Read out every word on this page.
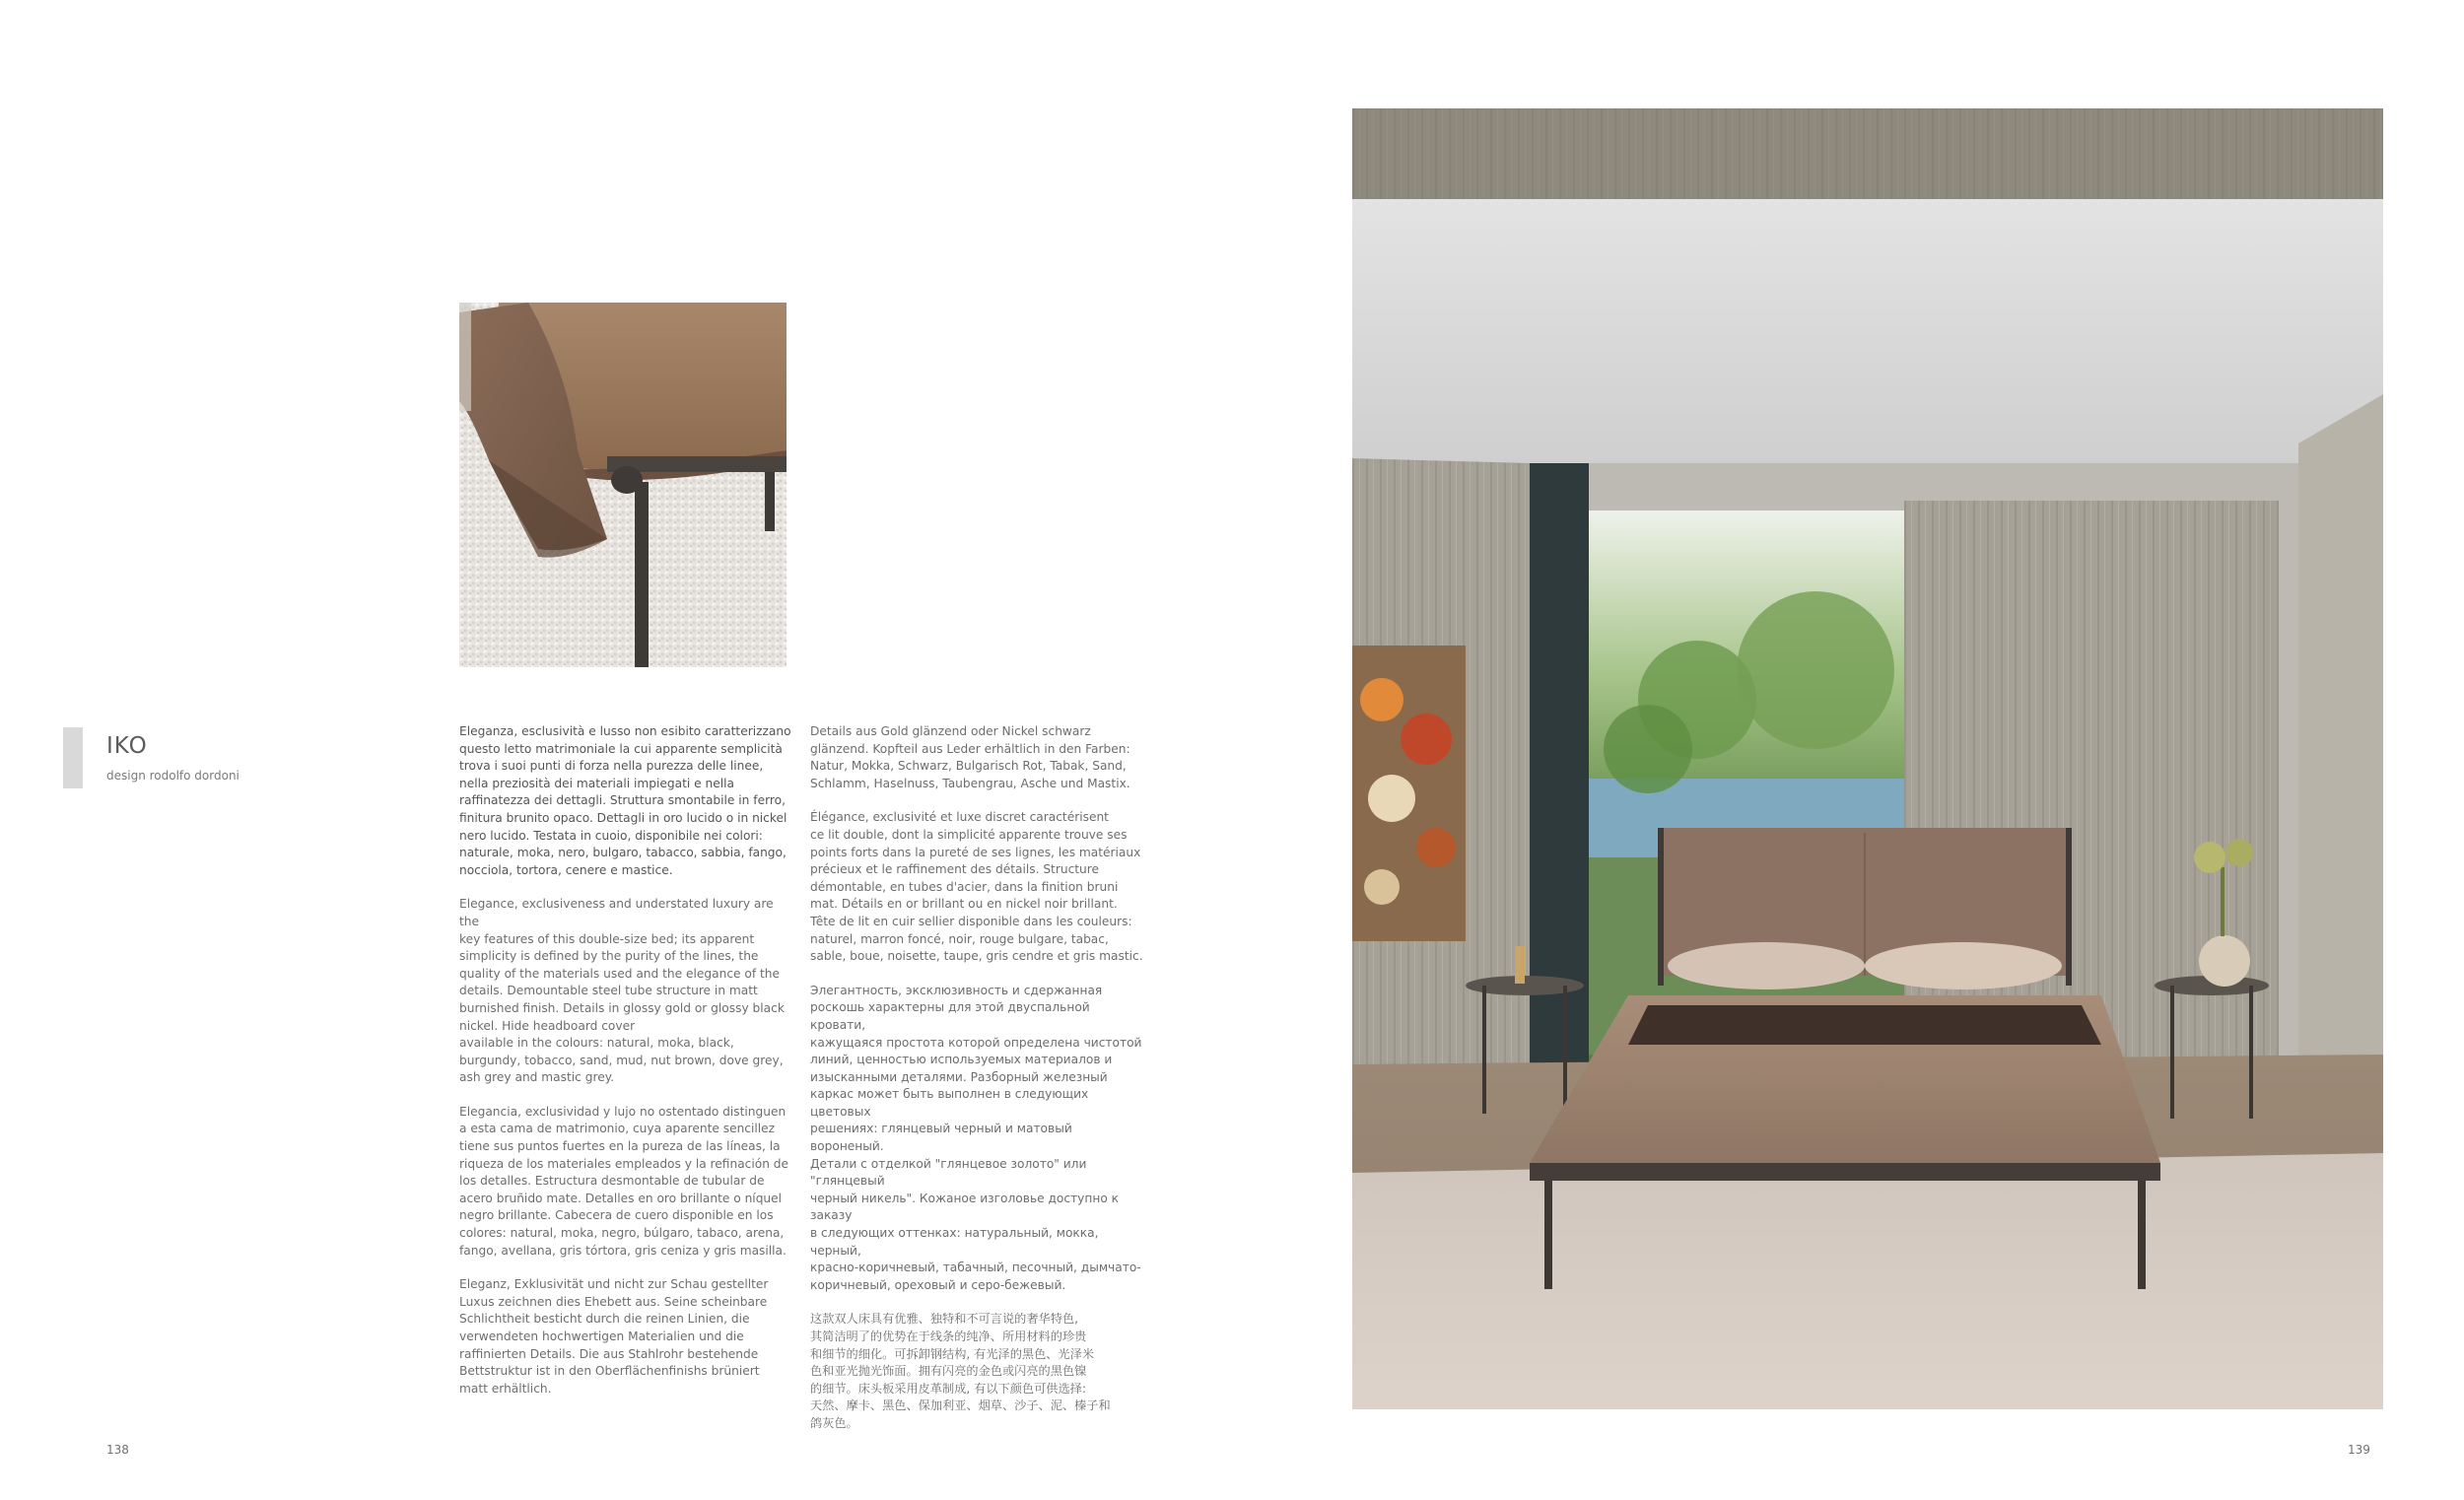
IKO
design rodolfo dordoni

Eleganza, esclusività e lusso non esibito caratterizzano
questo letto matrimoniale la cui apparente semplicità
trova i suoi punti di forza nella purezza delle linee,
nella preziosità dei materiali impiegati e nella
raffinatezza dei dettagli. Struttura smontabile in ferro,
finitura brunito opaco. Dettagli in oro lucido o in nickel
nero lucido. Testata in cuoio, disponibile nei colori:
naturale, moka, nero, bulgaro, tabacco, sabbia, fango,
nocciola, tortora, cenere e mastice.

Elegance, exclusiveness and understated luxury are the
key features of this double-size bed; its apparent
simplicity is defined by the purity of the lines, the
quality of the materials used and the elegance of the
details. Demountable steel tube structure in matt
burnished finish. Details in glossy gold or glossy black
nickel. Hide headboard cover
available in the colours: natural, moka, black,
burgundy, tobacco, sand, mud, nut brown, dove grey,
ash grey and mastic grey.

Elegancia, exclusividad y lujo no ostentado distinguen
a esta cama de matrimonio, cuya aparente sencillez
tiene sus puntos fuertes en la pureza de las líneas, la
riqueza de los materiales empleados y la refinación de
los detalles. Estructura desmontable de tubular de
acero bruñido mate. Detalles en oro brillante o níquel
negro brillante. Cabecera de cuero disponible en los
colores: natural, moka, negro, búlgaro, tabaco, arena,
fango, avellana, gris tórtora, gris ceniza y gris masilla.

Eleganz, Exklusivität und nicht zur Schau gestellter
Luxus zeichnen dies Ehebett aus. Seine scheinbare
Schlichtheit besticht durch die reinen Linien, die
verwendeten hochwertigen Materialien und die
raffinierten Details. Die aus Stahlrohr bestehende
Bettstruktur ist in den Oberflächenfinishs brüniert
matt erhältlich.

Details aus Gold glänzend oder Nickel schwarz
glänzend. Kopfteil aus Leder erhältlich in den Farben:
Natur, Mokka, Schwarz, Bulgarisch Rot, Tabak, Sand,
Schlamm, Haselnuss, Taubengrau, Asche und Mastix.

Élégance, exclusivité et luxe discret caractérisent
ce lit double, dont la simplicité apparente trouve ses
points forts dans la pureté de ses lignes, les matériaux
précieux et le raffinement des détails. Structure
démontable, en tubes d'acier, dans la finition bruni
mat. Détails en or brillant ou en nickel noir brillant.
Tête de lit en cuir sellier disponible dans les couleurs:
naturel, marron foncé, noir, rouge bulgare, tabac,
sable, boue, noisette, taupe, gris cendre et gris mastic.

Элегантность, эксклюзивность и сдержанная
роскошь характерны для этой двуспальной кровати,
кажущаяся простота которой определена чистотой
линий, ценностью используемых материалов и
изысканными деталями. Разборный железный
каркас может быть выполнен в следующих цветовых
решениях: глянцевый черный и матовый вороненый.
Детали с отделкой "глянцевое золото" или "глянцевый
черный никель". Кожаное изголовье доступно к заказу
в следующих оттенках: натуральный, мокка, черный,
красно-коричневый, табачный, песочный, дымчато-
коричневый, ореховый и серо-бежевый.

这款双人床具有优雅、独特和不可言说的奢华特色,
其简洁明了的优势在于线条的纯净、所用材料的珍贵
和细节的细化。可拆卸钢结构, 有光泽的黑色、光泽米
色和亚光抛光饰面。拥有闪亮的金色或闪亮的黑色镍
的细节。床头板采用皮革制成, 有以下颜色可供选择:
天然、摩卡、黑色、保加利亚、烟草、沙子、泥、榛子和
鸽灰色。

138	139
